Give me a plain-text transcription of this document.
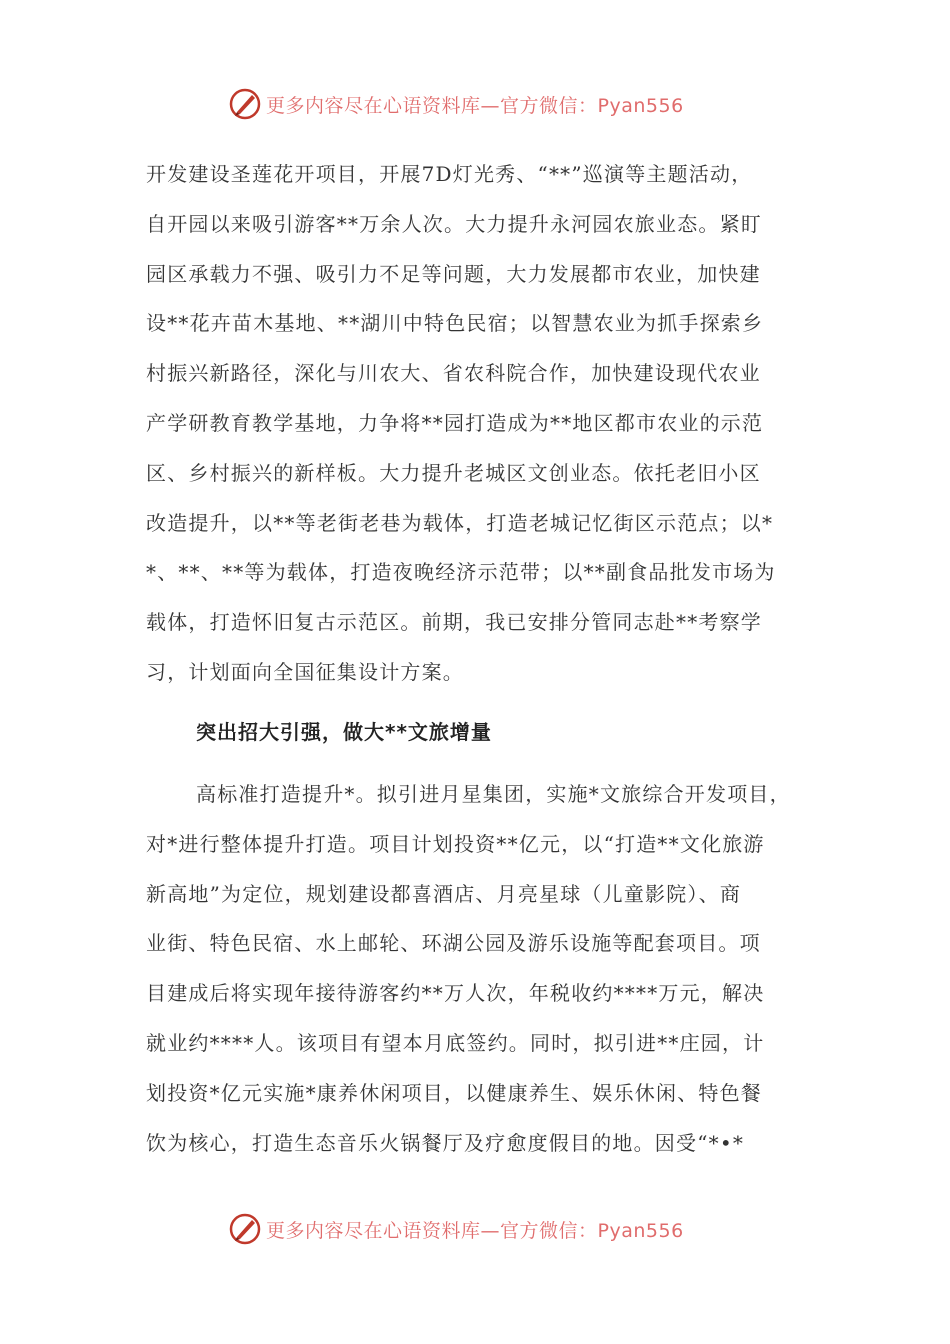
更多内容尽在心语资料库—官方微信：Pyan556
开发建设圣莲花开项目，开展7D灯光秀、“**”巡演等主题活动，
自开园以来吸引游客**万余人次。大力提升永河园农旅业态。紧盯
园区承载力不强、吸引力不足等问题，大力发展都市农业，加快建
设**花卉苗木基地、**湖川中特色民宿；以智慧农业为抓手探索乡
村振兴新路径，深化与川农大、省农科院合作，加快建设现代农业
产学研教育教学基地，力争将**园打造成为**地区都市农业的示范
区、乡村振兴的新样板。大力提升老城区文创业态。依托老旧小区
改造提升，以**等老街老巷为载体，打造老城记忆街区示范点；以*
*、**、**等为载体，打造夜晚经济示范带；以**副食品批发市场为
载体，打造怀旧复古示范区。前期，我已安排分管同志赴**考察学
习，计划面向全国征集设计方案。
突出招大引强，做大**文旅增量
高标准打造提升*。拟引进月星集团，实施*文旅综合开发项目，
对*进行整体提升打造。项目计划投资**亿元，以“打造**文化旅游
新高地”为定位，规划建设都喜酒店、月亮星球（儿童影院）、商
业街、特色民宿、水上邮轮、环湖公园及游乐设施等配套项目。项
目建成后将实现年接待游客约**万人次，年税收约****万元，解决
就业约****人。该项目有望本月底签约。同时，拟引进**庄园，计
划投资*亿元实施*康养休闲项目，以健康养生、娱乐休闲、特色餐
饮为核心，打造生态音乐火锅餐厅及疗愈度假目的地。因受“*•*
更多内容尽在心语资料库—官方微信：Pyan556
